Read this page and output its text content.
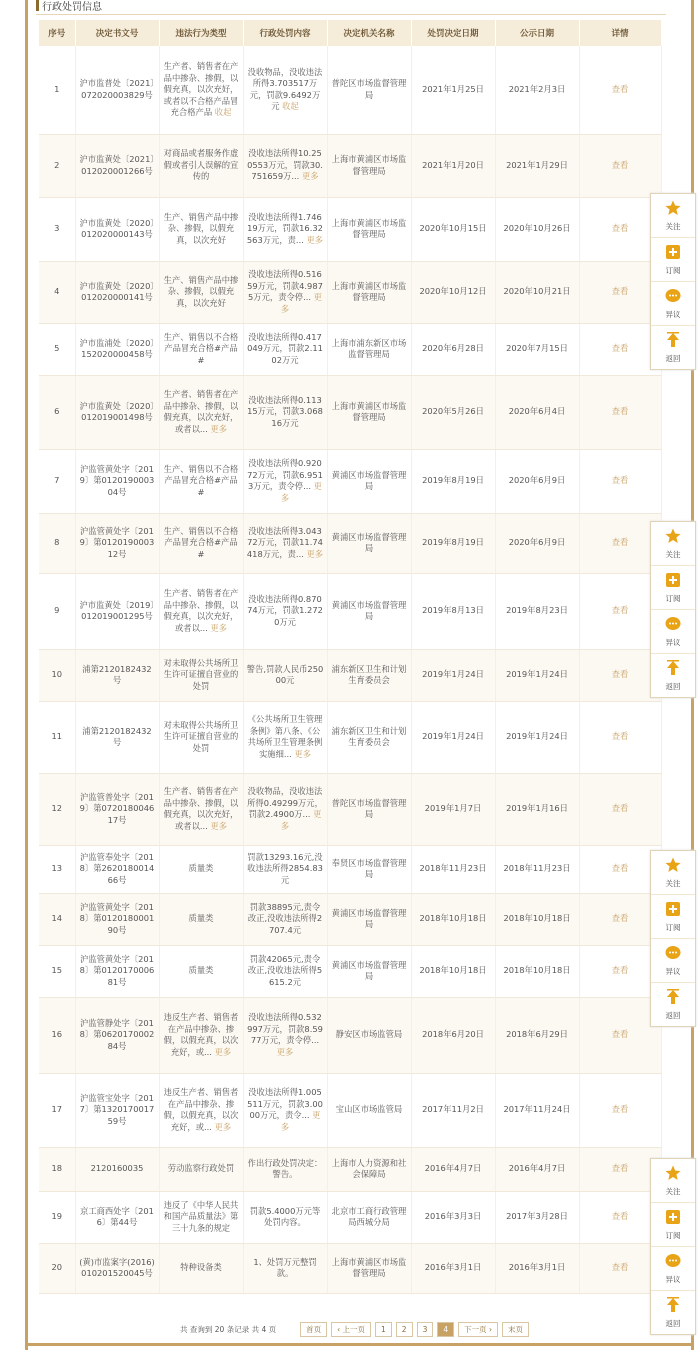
行政处罚信息
序号	决定书文号	违法行为类型	行政处罚内容	决定机关名称	处罚决定日期	公示日期	详情
1	沪市监普处〔2021〕072020003829号	生产者、销售者在产品中掺杂、掺假，以假充真，以次充好，或者以不合格产品冒充合格产品 收起	没收物品，没收违法所得3.703517万元，罚款9.6492万元 收起	普陀区市场监督管理局	2021年1月25日	2021年2月3日	查看
2	沪市监黄处〔2021〕012020001266号	对商品或者服务作虚假或者引人误解的宣传的	没收违法所得10.250553万元，罚款30.751659万... 更多	上海市黄浦区市场监督管理局	2021年1月20日	2021年1月29日	查看
3	沪市监黄处〔2020〕012020000143号	生产、销售产品中掺杂、掺假，以假充真，以次充好	没收违法所得1.74619万元，罚款16.32563万元，责... 更多	上海市黄浦区市场监督管理局	2020年10月15日	2020年10月26日	查看
4	沪市监黄处〔2020〕012020000141号	生产、销售产品中掺杂、掺假，以假充真，以次充好	没收违法所得0.51659万元，罚款4.9875万元，责令停... 更多	上海市黄浦区市场监督管理局	2020年10月12日	2020年10月21日	查看
5	沪市监浦处〔2020〕152020000458号	生产、销售以不合格产品冒充合格#产品#	没收违法所得0.417049万元，罚款2.1102万元	上海市浦东新区市场监督管理局	2020年6月28日	2020年7月15日	查看
6	沪市监黄处〔2020〕012019001498号	生产者、销售者在产品中掺杂、掺假，以假充真，以次充好，或者以... 更多	没收违法所得0.11315万元，罚款3.06816万元	上海市黄浦区市场监督管理局	2020年5月26日	2020年6月4日	查看
7	沪监管黄处字〔2019〕第012019000304号	生产、销售以不合格产品冒充合格#产品#	没收违法所得0.92072万元，罚款6.9513万元，责令停... 更多	黄浦区市场监督管理局	2019年8月19日	2020年6月9日	查看
8	沪监管黄处字〔2019〕第012019000312号	生产、销售以不合格产品冒充合格#产品#	没收违法所得3.04372万元，罚款11.74418万元，责... 更多	黄浦区市场监督管理局	2019年8月19日	2020年6月9日	查看
9	沪市监黄处〔2019〕012019001295号	生产者、销售者在产品中掺杂、掺假，以假充真，以次充好，或者以... 更多	没收违法所得0.87074万元，罚款1.2720万元	黄浦区市场监督管理局	2019年8月13日	2019年8月23日	查看
10	浦第2120182432号	对未取得公共场所卫生许可证擅自营业的处罚	警告,罚款人民币25000元	浦东新区卫生和计划生育委员会	2019年1月24日	2019年1月24日	查看
11	浦第2120182432号	对未取得公共场所卫生许可证擅自营业的处罚	《公共场所卫生管理条例》第八条、《公共场所卫生管理条例实施细... 更多	浦东新区卫生和计划生育委员会	2019年1月24日	2019年1月24日	查看
12	沪监管普处字〔2019〕第072018004617号	生产者、销售者在产品中掺杂、掺假，以假充真，以次充好，或者以... 更多	没收物品，没收违法所得0.49299万元，罚款2.4900万... 更多	普陀区市场监督管理局	2019年1月7日	2019年1月16日	查看
13	沪监管奉处字〔2018〕第262018001466号	质量类	罚款13293.16元,没收违法所得2854.83元	奉贤区市场监督管理局	2018年11月23日	2018年11月23日	查看
14	沪监管黄处字〔2018〕第012018000190号	质量类	罚款38895元,责令改正,没收违法所得2707.4元	黄浦区市场监督管理局	2018年10月18日	2018年10月18日	查看
15	沪监管黄处字〔2018〕第012017000681号	质量类	罚款42065元,责令改正,没收违法所得5615.2元	黄浦区市场监督管理局	2018年10月18日	2018年10月18日	查看
16	沪监管静处字〔2018〕第062017000284号	违反生产者、销售者在产品中掺杂、掺假，以假充真，以次充好，或... 更多	没收违法所得0.532997万元，罚款8.5977万元，责令停... 更多	静安区市场监管局	2018年6月20日	2018年6月29日	查看
17	沪监管宝处字〔2017〕第132017001759号	违反生产者、销售者在产品中掺杂、掺假，以假充真，以次充好，或... 更多	没收违法所得1.005511万元，罚款3.0000万元，责令... 更多	宝山区市场监管局	2017年11月2日	2017年11月24日	查看
18	2120160035	劳动监察行政处罚	作出行政处罚决定：警告。	上海市人力资源和社会保障局	2016年4月7日	2016年4月7日	查看
19	京工商西处字〔2016〕第44号	违反了《中华人民共和国产品质量法》第三十九条的规定	罚款5.4000万元等处罚内容。	北京市工商行政管理局西城分局	2016年3月3日	2017年3月28日	查看
20	(黄)市监案字(2016)010201520045号	特种设备类	1、处罚万元整罚款。	上海市黄浦区市场监督管理局	2016年3月1日	2016年3月1日	查看
共 查询到 20 条记录 共 4 页	首页	‹ 上一页	1 2 3 4	下一页 ›	末页
关注
订阅
异议
返回
关注
订阅
异议
返回
关注
订阅
异议
返回
关注
订阅
异议
返回
